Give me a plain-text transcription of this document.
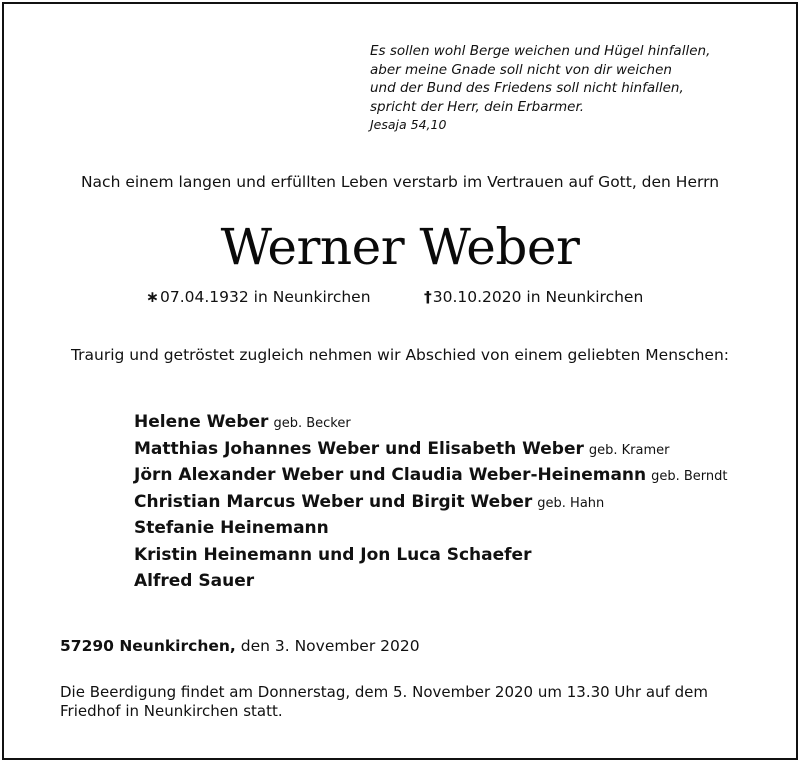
Es sollen wohl Berge weichen und Hügel hinfallen,
aber meine Gnade soll nicht von dir weichen
und der Bund des Friedens soll nicht hinfallen,
spricht der Herr, dein Erbarmer.
Jesaja 54,10
Nach einem langen und erfüllten Leben verstarb im Vertrauen auf Gott, den Herrn
Werner Weber
∗07.04.1932 in Neunkirchen	†30.10.2020 in Neunkirchen
Traurig und getröstet zugleich nehmen wir Abschied von einem geliebten Menschen:
Helene Weber geb. Becker
Matthias Johannes Weber und Elisabeth Weber geb. Kramer
Jörn Alexander Weber und Claudia Weber-Heinemann geb. Berndt
Christian Marcus Weber und Birgit Weber geb. Hahn
Stefanie Heinemann
Kristin Heinemann und Jon Luca Schaefer
Alfred Sauer
57290 Neunkirchen, den 3. November 2020
Die Beerdigung findet am Donnerstag, dem 5. November 2020 um 13.30 Uhr auf dem Friedhof in Neunkirchen statt.
